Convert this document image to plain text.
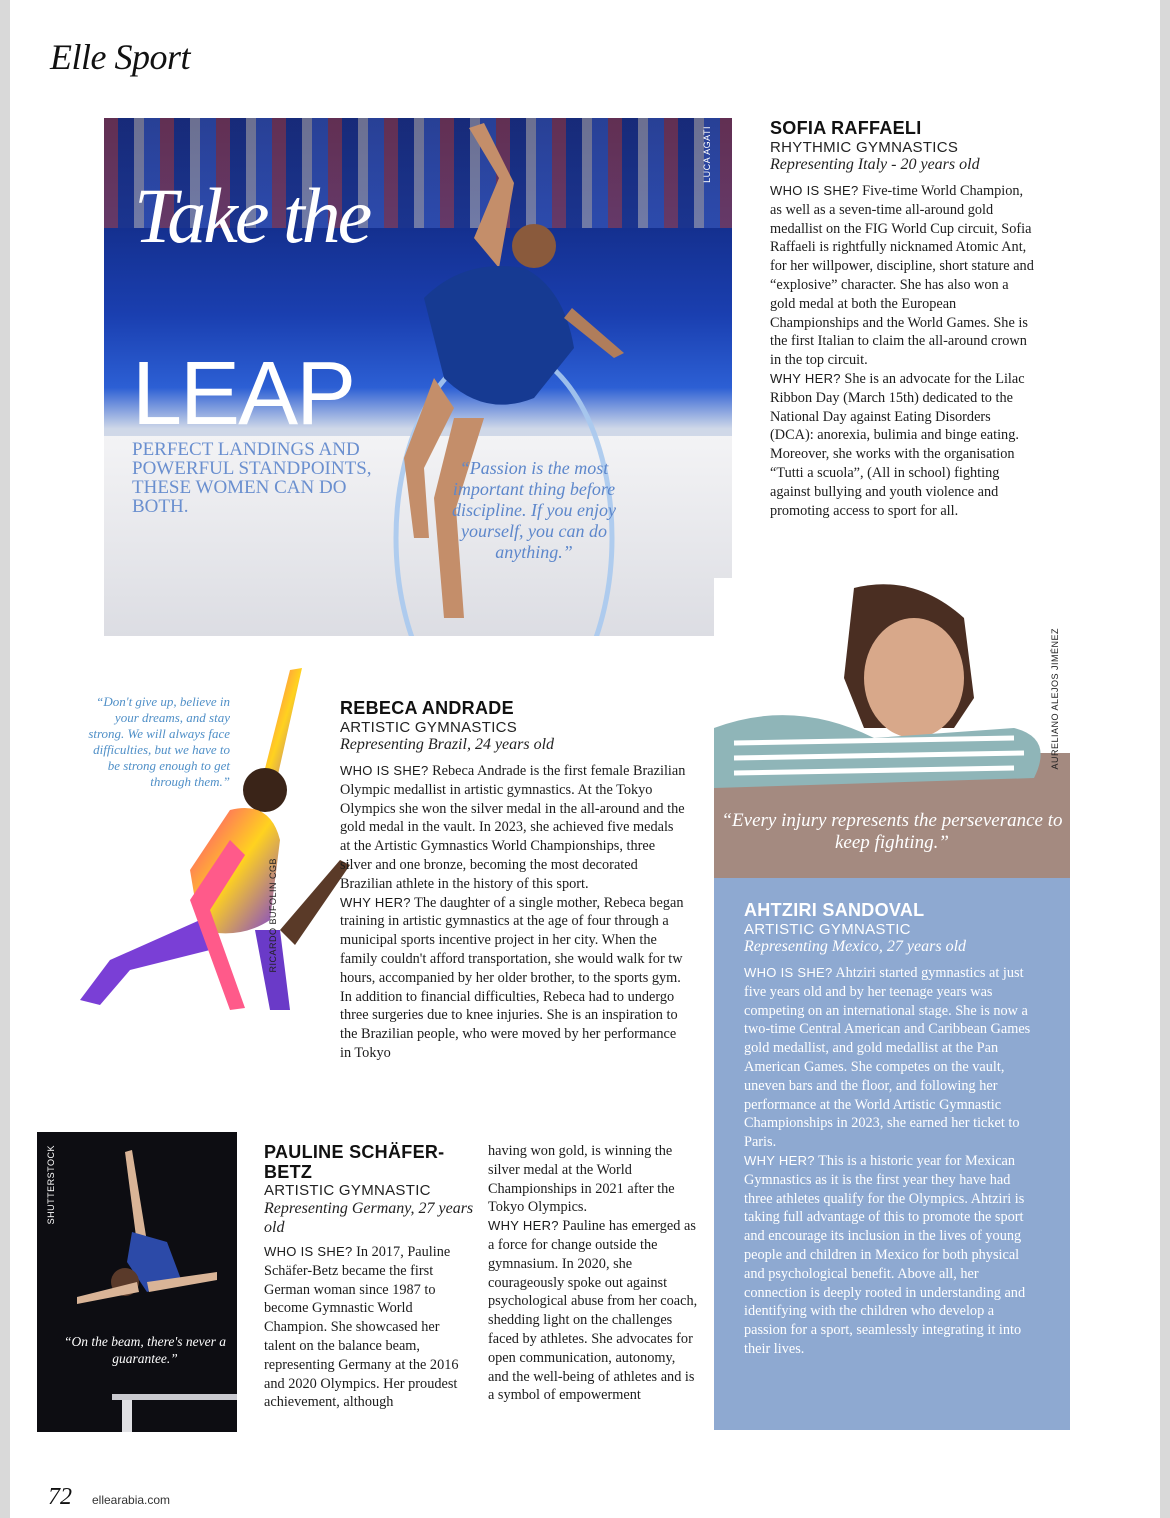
Elle Sport
Take the
LEAP
PERFECT LANDINGS AND POWERFUL STANDPOINTS, THESE WOMEN CAN DO BOTH.
“Passion is the most important thing before discipline. If you enjoy yourself, you can do anything.”
LUCA AGATI	SOFIA RAFFAELI
RHYTHMIC GYMNASTICS
Representing Italy - 20 years old

WHO IS SHE? Five-time World Champion, as well as a seven-time all-around gold medallist on the FIG World Cup circuit, Sofia Raffaeli is rightfully nicknamed Atomic Ant, for her willpower, discipline, short stature and “explosive” character. She has also won a gold medal at both the European Championships and the World Games. She is the first Italian to claim the all-around crown in the top circuit.

WHY HER? She is an advocate for the Lilac Ribbon Day (March 15th) dedicated to the National Day against Eating Disorders (DCA): anorexia, bulimia and binge eating. Moreover, she works with the organisation “Tutti a scuola”, (All in school) fighting against bullying and youth violence and promoting access to sport for all.

“Don't give up, believe in your dreams, and stay strong. We will always face difficulties, but we have to be strong enough to get through them.”
RICARDO BUFOLIN CGB
REBECA ANDRADE
ARTISTIC GYMNASTICS
Representing Brazil, 24 years old

WHO IS SHE? Rebeca Andrade is the first female Brazilian Olympic medallist in artistic gymnastics. At the Tokyo Olympics she won the silver medal in the all-around and the gold medal in the vault. In 2023, she achieved five medals at the Artistic Gymnastics World Championships, three silver and one bronze, becoming the most decorated Brazilian athlete in the history of this sport.

WHY HER? The daughter of a single mother, Rebeca began training in artistic gymnastics at the age of four through a municipal sports incentive project in her city. When the family couldn't afford transportation, she would walk for tw hours, accompanied by her older brother, to the sports gym. In addition to financial difficulties, Rebeca had to undergo three surgeries due to knee injuries. She is an inspiration to the Brazilian people, who were moved by her performance in Tokyo

“Every injury represents the perseverance to keep fighting.”
AURELIANO ALEJOS JIMÉNEZ
AHTZIRI SANDOVAL
ARTISTIC GYMNASTIC
Representing Mexico, 27 years old

WHO IS SHE? Ahtziri started gymnastics at just five years old and by her teenage years was competing on an international stage. She is now a two-time Central American and Caribbean Games gold medallist, and gold medallist at the Pan American Games. She competes on the vault, uneven bars and the floor, and following her performance at the World Artistic Gymnastic Championships in 2023, she earned her ticket to Paris.

WHY HER? This is a historic year for Mexican Gymnastics as it is the first year they have had three athletes qualify for the Olympics. Ahtziri is taking full advantage of this to promote the sport and encourage its inclusion in the lives of young people and children in Mexico for both physical and psychological benefit. Above all, her connection is deeply rooted in understanding and identifying with the children who develop a passion for a sport, seamlessly integrating it into their lives.

SHUTTERSTOCK
“On the beam, there's never a guarantee.”
PAULINE SCHÄFER-BETZ
ARTISTIC GYMNASTIC
Representing Germany, 27 years old

WHO IS SHE? In 2017, Pauline Schäfer-Betz became the first German woman since 1987 to become Gymnastic World Champion. She showcased her talent on the balance beam, representing Germany at the 2016 and 2020 Olympics. Her proudest achievement, although

having won gold, is winning the silver medal at the World Championships in 2021 after the Tokyo Olympics.

WHY HER? Pauline has emerged as a force for change outside the gymnasium. In 2020, she courageously spoke out against psychological abuse from her coach, shedding light on the challenges faced by athletes. She advocates for open communication, autonomy, and the well-being of athletes and is a symbol of empowerment

72 ellearabia.com
